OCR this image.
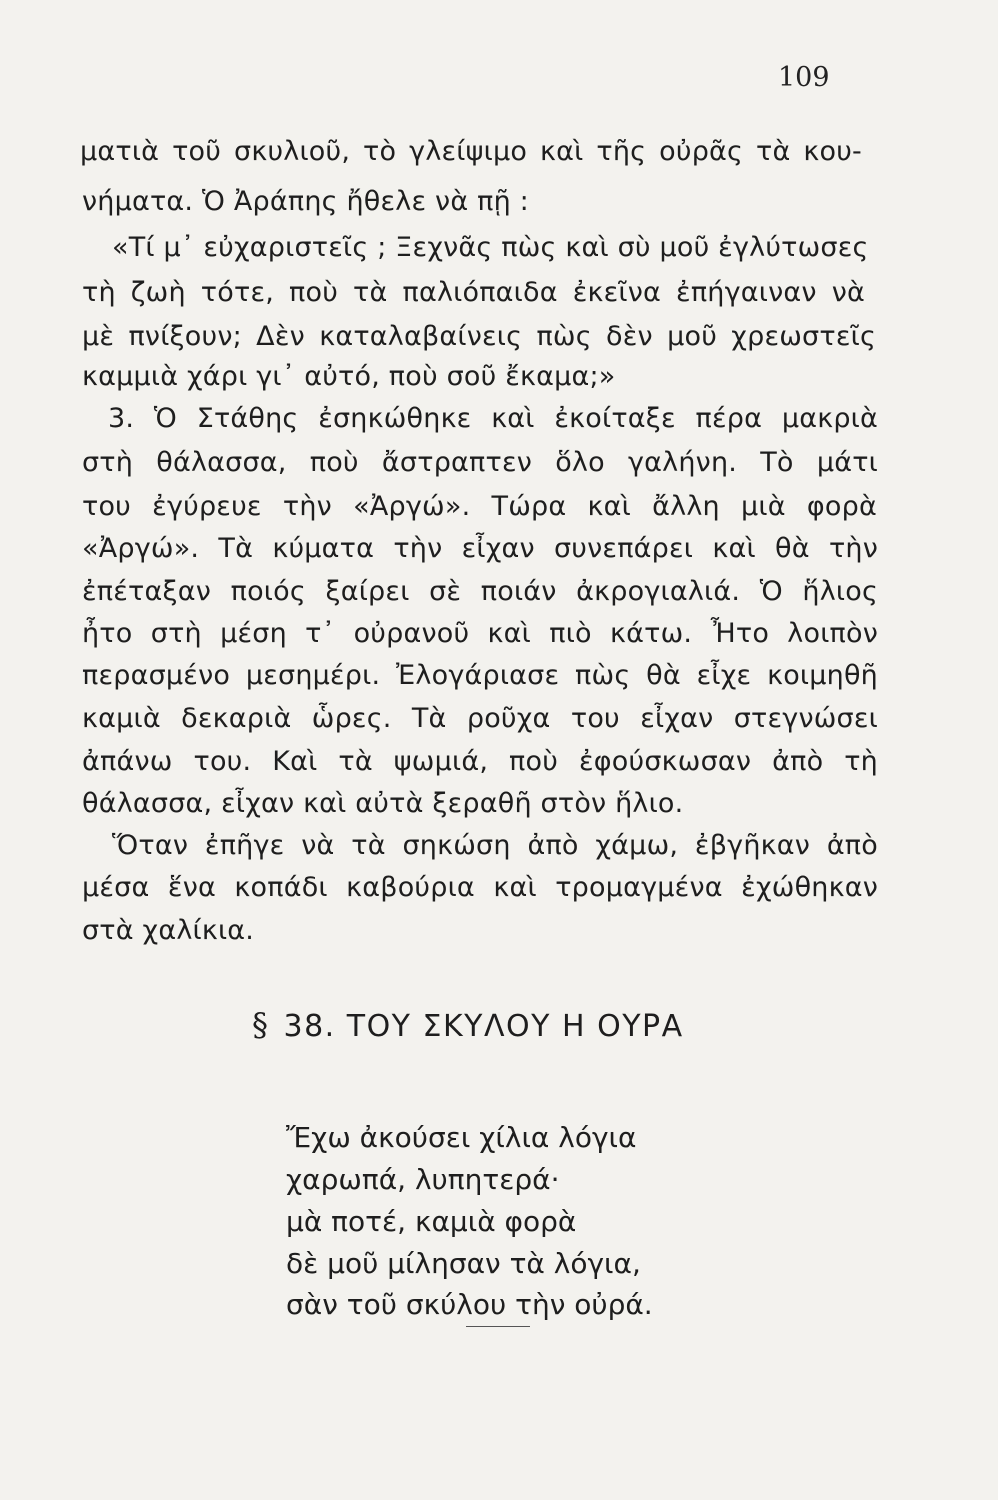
109
ματιὰ τοῦ σκυλιοῦ, τὸ γλείψιμο καὶ τῆς οὐρᾶς τὰ κου-
νήματα. Ὁ Ἀράπης ἤθελε νὰ πῇ :
«Τί μ᾽ εὐχαριστεῖς ; Ξεχνᾶς πὼς καὶ σὺ μοῦ ἐγλύτωσες
τὴ ζωὴ τότε, ποὺ τὰ παλιόπαιδα ἐκεῖνα ἐπήγαιναν νὰ
μὲ πνίξουν; Δὲν καταλαβαίνεις πὼς δὲν μοῦ χρεωστεῖς
καμμιὰ χάρι γι᾽ αὐτό, ποὺ σοῦ ἔκαμα;»
3. Ὁ Στάθης ἐσηκώθηκε καὶ ἐκοίταξε πέρα μακριὰ
στὴ θάλασσα, ποὺ ἄστραπτεν ὅλο γαλήνη. Τὸ μάτι
του ἐγύρευε τὴν «Ἀργώ». Τώρα καὶ ἄλλη μιὰ φορὰ
«Ἀργώ». Τὰ κύματα τὴν εἶχαν συνεπάρει καὶ θὰ τὴν
ἐπέταξαν ποιός ξαίρει σὲ ποιάν ἀκρογιαλιά. Ὁ ἥλιος
ἦτο στὴ μέση τ᾽ οὐρανοῦ καὶ πιὸ κάτω. Ἦτο λοιπὸν
περασμένο μεσημέρι. Ἐλογάριασε πὼς θὰ εἶχε κοιμηθῆ
καμιὰ δεκαριὰ ὧρες. Τὰ ροῦχα του εἶχαν στεγνώσει
ἀπάνω του. Καὶ τὰ ψωμιά, ποὺ ἐφούσκωσαν ἀπὸ τὴ
θάλασσα, εἶχαν καὶ αὐτὰ ξεραθῆ στὸν ἥλιο.
Ὅταν ἐπῆγε νὰ τὰ σηκώση ἀπὸ χάμω, ἐβγῆκαν ἀπὸ
μέσα ἕνα κοπάδι καβούρια καὶ τρομαγμένα ἐχώθηκαν
στὰ χαλίκια.
§ 38. ΤΟΥ ΣΚΥΛΟΥ Η ΟΥΡΑ
Ἔχω ἀκούσει χίλια λόγια
χαρωπά, λυπητερά·
μὰ ποτέ, καμιὰ φορὰ
δὲ μοῦ μίλησαν τὰ λόγια,
σὰν τοῦ σκύλου τὴν οὐρά.
